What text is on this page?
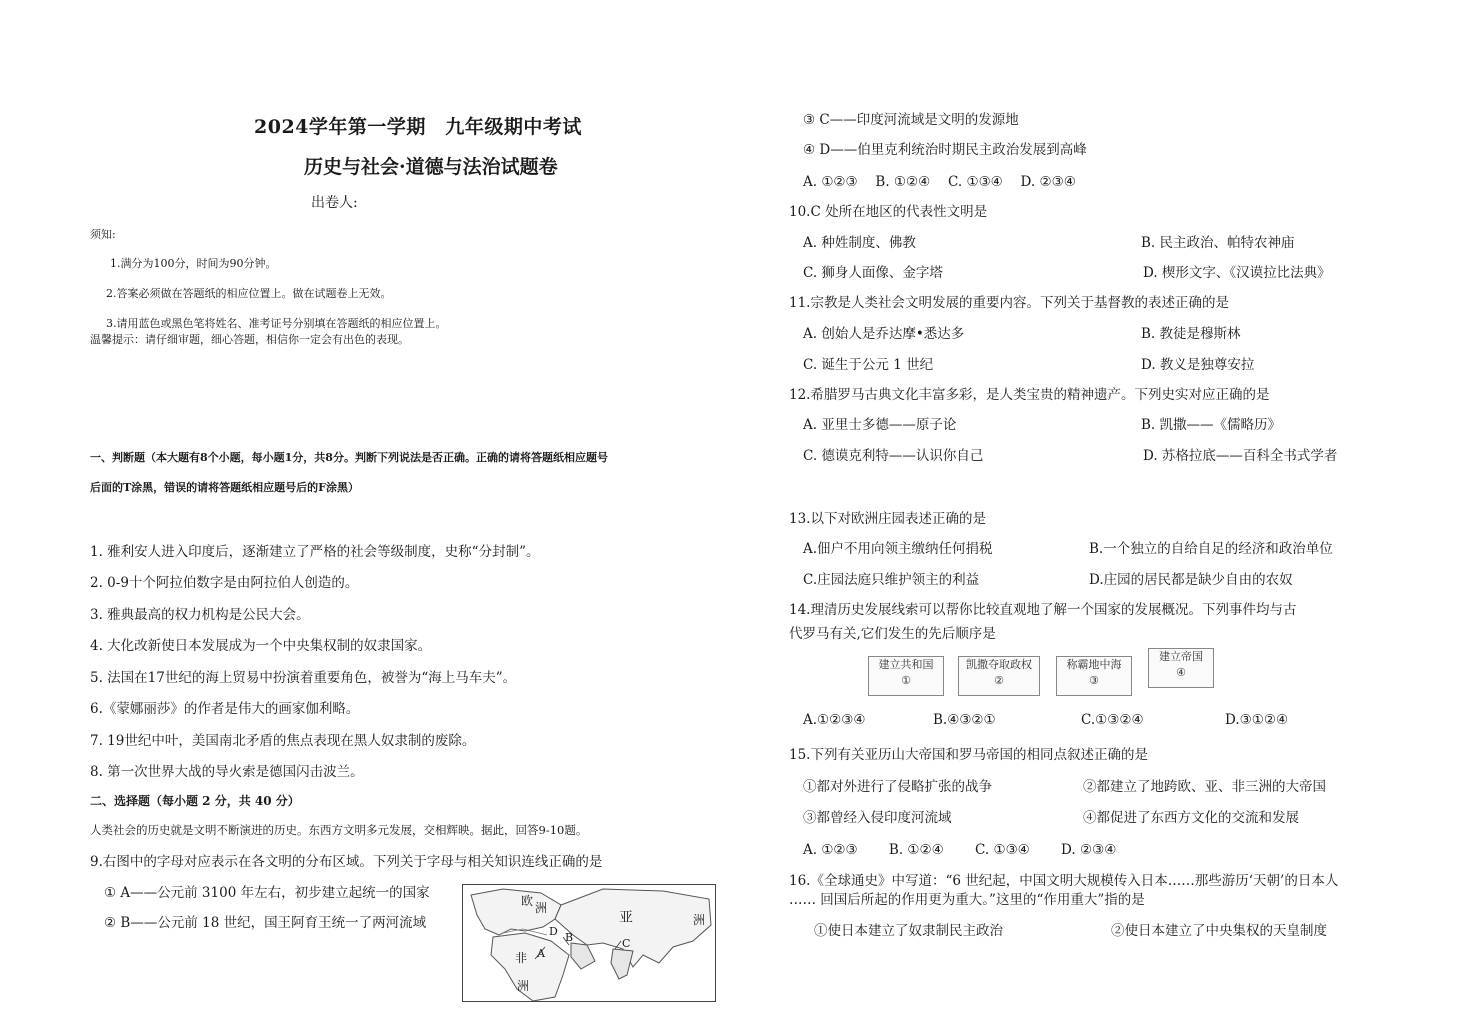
2024学年第一学期　九年级期中考试
历史与社会·道德与法治试题卷
出卷人:
须知:
1.满分为100分，时间为90分钟。
2.答案必须做在答题纸的相应位置上。做在试题卷上无效。
3.请用蓝色或黑色笔将姓名、准考证号分别填在答题纸的相应位置上。
温馨提示：请仔细审题，细心答题，相信你一定会有出色的表现。
一、判断题（本大题有8个小题，每小题1分，共8分。判断下列说法是否正确。正确的请将答题纸相应题号
后面的T涂黑，错误的请将答题纸相应题号后的F涂黑）
1. 雅利安人进入印度后，逐渐建立了严格的社会等级制度，史称“分封制”。
2. 0-9十个阿拉伯数字是由阿拉伯人创造的。
3. 雅典最高的权力机构是公民大会。
4. 大化改新使日本发展成为一个中央集权制的奴隶国家。
5. 法国在17世纪的海上贸易中扮演着重要角色，被誉为“海上马车夫”。
6.《蒙娜丽莎》的作者是伟大的画家伽利略。
7. 19世纪中叶，美国南北矛盾的焦点表现在黑人奴隶制的废除。
8. 第一次世界大战的导火索是德国闪击波兰。
二、选择题（每小题 2 分，共 40 分）
人类社会的历史就是文明不断演进的历史。东西方文明多元发展，交相辉映。据此，回答9-10题。
9.右图中的字母对应表示在各文明的分布区域。下列关于字母与相关知识连线正确的是
① A——公元前 3100 年左右，初步建立起统一的国家
② B——公元前 18 世纪，国王阿育王统一了两河流域
欧 洲
亚	洲
非
洲
A
B	C
D
③ C——印度河流域是文明的发源地
④ D——伯里克利统治时期民主政治发展到高峰
A. ①②③　 B. ①②④　 C. ①③④　 D. ②③④
10.C 处所在地区的代表性文明是
A. 种姓制度、佛教	B. 民主政治、帕特农神庙
C. 狮身人面像、金字塔	D. 楔形文字、《汉谟拉比法典》
11.宗教是人类社会文明发展的重要内容。下列关于基督教的表述正确的是
A. 创始人是乔达摩•悉达多	B. 教徒是穆斯林
C. 诞生于公元 1 世纪	D. 教义是独尊安拉
12.希腊罗马古典文化丰富多彩，是人类宝贵的精神遗产。下列史实对应正确的是
A. 亚里士多德——原子论	B. 凯撒——《儒略历》
C. 德谟克利特——认识你自己	D. 苏格拉底——百科全书式学者
13.以下对欧洲庄园表述正确的是
A.佃户不用向领主缴纳任何捐税	B.一个独立的自给自足的经济和政治单位
C.庄园法庭只维护领主的利益	D.庄园的居民都是缺少自由的农奴
14.理清历史发展线索可以帮你比较直观地了解一个国家的发展概况。下列事件均与古
代罗马有关,它们发生的先后顺序是
建立共和国
①
凯撒夺取政权
②
称霸地中海
③
建立帝国
④
A.①②③④	B.④③②①	C.①③②④	D.③①②④
15.下列有关亚历山大帝国和罗马帝国的相同点叙述正确的是
①都对外进行了侵略扩张的战争	②都建立了地跨欧、亚、非三洲的大帝国
③都曾经入侵印度河流域	④都促进了东西方文化的交流和发展
A. ①②③　　 B. ①②④　　 C. ①③④　　 D. ②③④
16.《全球通史》中写道：“6 世纪起，中国文明大规模传入日本……那些游历‘天朝’的日本人
…… 回国后所起的作用更为重大。”这里的“作用重大”指的是
①使日本建立了奴隶制民主政治	②使日本建立了中央集权的天皇制度
